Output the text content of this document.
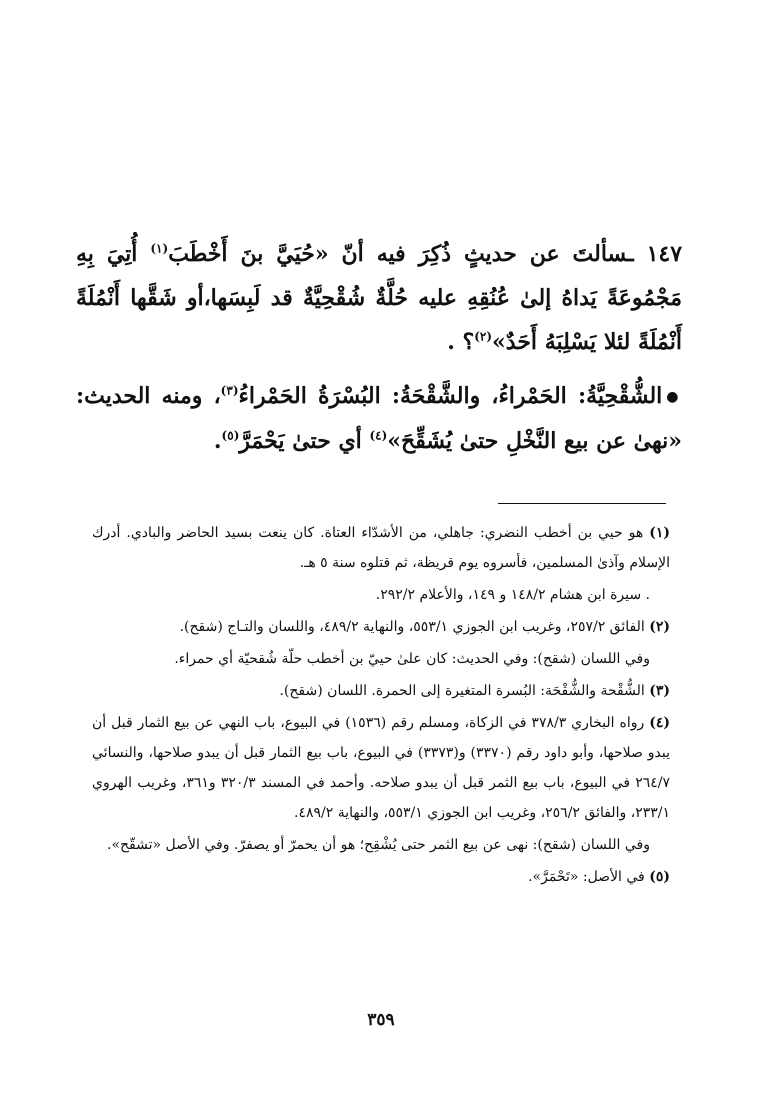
١٤٧ ـسألتَ عن حديثٍ ذُكِرَ فيه أنّ «حُيَيَّ بنَ أَخْطَبَ$^{(١)}$ أُتِيَ بِهِ مَجْمُوعَةً يَداهُ إلىٰ عُنُقِهِ عليه حُلَّةٌ شُقْحِيَّةٌ قد لَبِسَها،أو شَقَّها أَنْمُلَةً أَنْمُلَةً لئلا يَسْلِبَهُ أَحَدٌ»$^{(٢)}$؟ .

●الشُّقْحِيَّةُ: الحَمْراءُ، والشَّقْحَةُ: البُسْرَةُ الحَمْراءُ$^{(٣)}$، ومنه الحديث: «نهىٰ عن بيع النَّخْلِ حتىٰ يُشَقِّحَ»$^{(٤)}$ أي حتىٰ يَحْمَرَّ$^{(٥)}$.

(١) هو حيي بن أخطب النضري: جاهلي، من الأشدّاء العتاة. كان ينعت بسيد الحاضر والبادي. أدرك الإسلام وآذىٰ المسلمين، فأسروه يوم قريظة، ثم قتلوه سنة ٥ هـ.
. سيرة ابن هشام ١٤٨/٢ و ١٤٩، والأعلام ٢٩٢/٢.
(٢) الفائق ٢٥٧/٢، وغريب ابن الجوزي ٥٥٣/١، والنهاية ٤٨٩/٢، واللسان والتـاج (شقح).
وفي اللسان (شقح): وفي الحديث: كان علىٰ حييّ بن أخطب حلّة شُقحيّة أي حمراء.
(٣) الشُّقْحة والشُّقْحَة: البُسرة المتغيرة إلى الحمرة. اللسان (شقح).
(٤) رواه البخاري ٣٧٨/٣ في الزكاة، ومسلم رقم (١٥٣٦) في البيوع، باب النهي عن بيع الثمار قبل أن يبدو صلاحها، وأبو داود رقم (٣٣٧٠) و(٣٣٧٣) في البيوع، باب بيع الثمار قبل أن يبدو صلاحها، والنسائي ٢٦٤/٧ في البيوع، باب بيع الثمر قبل أن يبدو صلاحه. وأحمد في المسند ٣٢٠/٣ و٣٦١، وغريب الهروي ٢٣٣/١، والفائق ٢٥٦/٢، وغريب ابن الجوزي ٥٥٣/١، والنهاية ٤٨٩/٢.
وفي اللسان (شقح): نهى عن بيع الثمر حتى يُشْقِح؛ هو أن يحمرّ أو يصفرّ. وفي الأصل «تشقّح».
(٥) في الأصل: «تَحْمَرَّ».
٣٥٩
